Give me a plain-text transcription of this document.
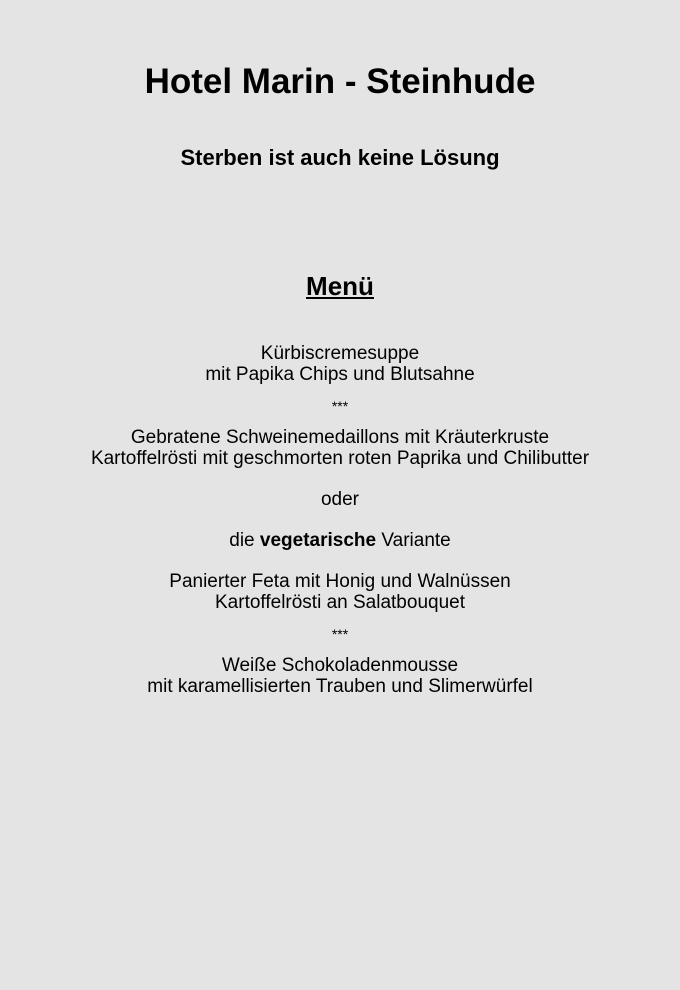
Hotel Marin - Steinhude
Sterben ist auch keine Lösung
Menü
Kürbiscremesuppe
mit Papika Chips und Blutsahne
***
Gebratene Schweinemedaillons mit Kräuterkruste
Kartoffelrösti mit geschmorten roten Paprika und Chilibutter
oder
die vegetarische Variante
Panierter Feta mit Honig und Walnüssen
Kartoffelrösti an Salatbouquet
***
Weiße Schokoladenmousse
mit karamellisierten Trauben und Slimerwürfel
